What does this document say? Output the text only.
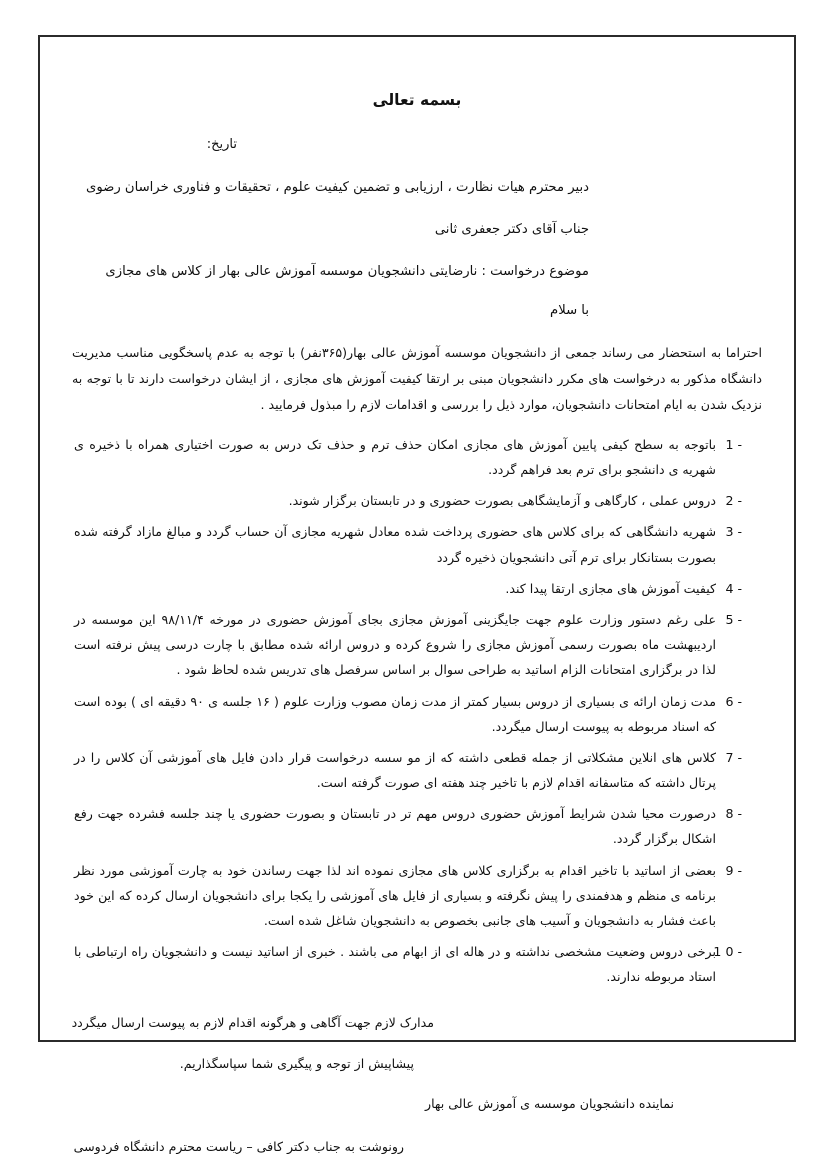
بسمه تعالی
تاریخ:
دبیر محترم هیات نظارت ، ارزیابی و تضمین کیفیت علوم ، تحقیقات و فناوری خراسان رضوی
جناب آقای دکتر جعفری ثانی
موضوع درخواست : نارضایتی دانشجویان موسسه آموزش عالی بهار از کلاس های مجازی
با سلام
احتراما به استحضار می رساند جمعی از دانشجویان موسسه آموزش عالی بهار(۳۶۵نفر) با توجه به عدم پاسخگویی مناسب مدیریت دانشگاه مذکور به درخواست های مکرر دانشجویان مبنی بر ارتقا کیفیت آموزش های مجازی ، از ایشان درخواست دارند تا با توجه به نزدیک شدن به ایام امتحانات دانشجویان، موارد ذیل را بررسی و اقدامات لازم را مبذول فرمایید .
1 -
باتوجه به سطح کیفی پایین آموزش های مجازی امکان حذف ترم و حذف تک درس به صورت اختیاری همراه با ذخیره ی شهریه ی دانشجو برای ترم بعد فراهم گردد.
2 -
دروس عملی ، کارگاهی و آزمایشگاهی بصورت حضوری و در تابستان برگزار شوند.
3 -
شهریه دانشگاهی که برای کلاس های حضوری پرداخت شده معادل شهریه مجازی آن حساب گردد و مبالغ مازاد گرفته شده بصورت بستانکار برای ترم آتی دانشجویان ذخیره گردد
4 -
کیفیت آموزش های مجازی ارتقا پیدا کند.
5 -
علی رغم دستور وزارت علوم جهت جایگزینی آموزش مجازی بجای آموزش حضوری در مورخه ۹۸/۱۱/۴ این موسسه در اردیبهشت ماه بصورت رسمی آموزش مجازی را شروع کرده و دروس ارائه شده مطابق با چارت درسی پیش نرفته است لذا در برگزاری امتحانات الزام اساتید به طراحی سوال بر اساس سرفصل های تدریس شده لحاظ شود .
6 -
مدت زمان ارائه ی بسیاری از دروس بسیار کمتر از مدت زمان مصوب وزارت علوم ( ۱۶ جلسه ی ۹۰ دقیقه ای ) بوده است که اسناد مربوطه به پیوست ارسال میگردد.
7 -
کلاس های انلاین مشکلاتی از جمله قطعی داشته که از مو سسه درخواست قرار دادن فایل های آموزشی آن کلاس را در پرتال داشته که متاسفانه اقدام لازم با تاخیر چند هفته ای صورت گرفته است.
8 -
درصورت محیا شدن شرایط آموزش حضوری دروس مهم تر در تابستان و بصورت حضوری یا چند جلسه فشرده جهت رفع اشکال برگزار گردد.
9 -
بعضی از اساتید با تاخیر اقدام به برگزاری کلاس های مجازی نموده اند لذا جهت رساندن خود به چارت آموزشی مورد نظر برنامه ی منظم و هدفمندی را پیش نگرفته و بسیاری از فایل های آموزشی را یکجا برای دانشجویان ارسال کرده که این خود باعث فشار به دانشجویان و آسیب های جانبی بخصوص به دانشجویان شاغل شده است.
1 0 -
برخی دروس وضعیت مشخصی نداشته و در هاله ای از ابهام می باشند . خبری از اساتید نیست و دانشجویان راه ارتباطی با استاد مربوطه ندارند.
مدارک لازم جهت آگاهی و هرگونه اقدام لازم به پیوست ارسال میگردد
پیشاپیش از توجه و پیگیری شما سپاسگذاریم.
نماینده دانشجویان موسسه ی آموزش عالی بهار
رونوشت به جناب دکتر کافی – ریاست محترم دانشگاه فردوسی
